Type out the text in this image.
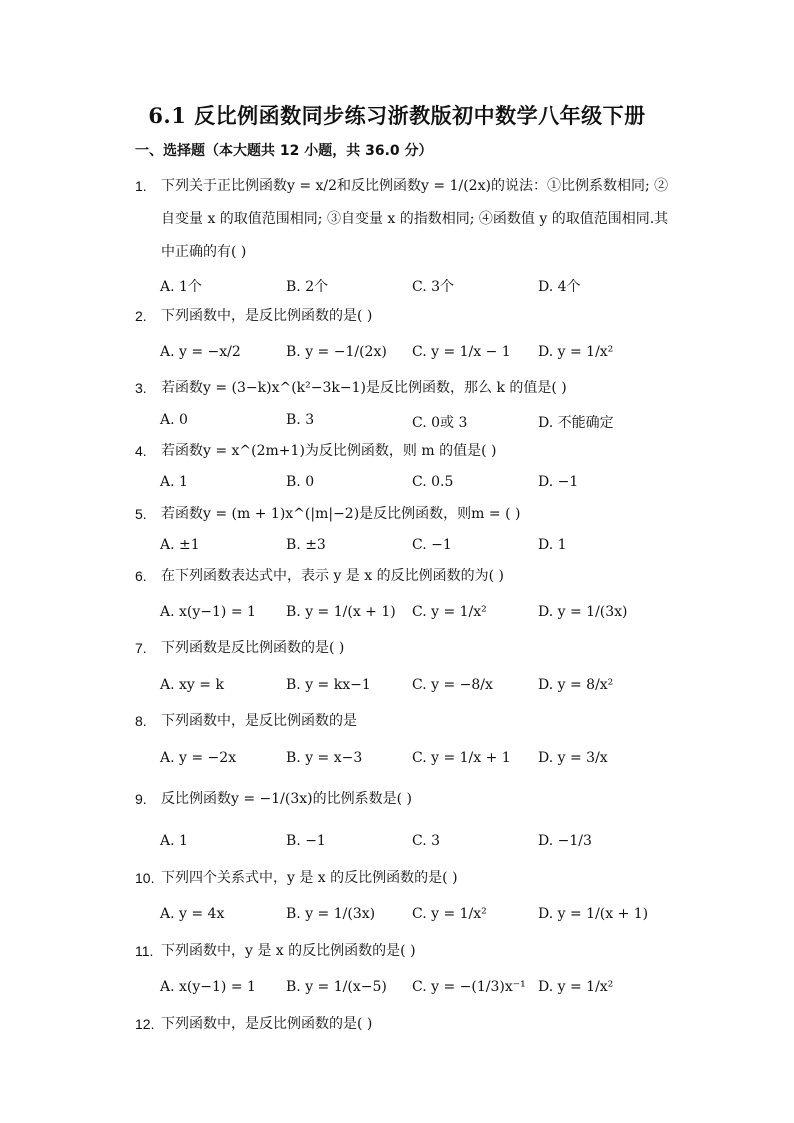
6.1 反比例函数同步练习浙教版初中数学八年级下册
一、选择题（本大题共 12 小题，共 36.0 分）
1.	下列关于正比例函数y = x/2和反比例函数y = 1/(2x)的说法：①比例系数相同; ②自变量 x 的取值范围相同; ③自变量 x 的指数相同; ④函数值 y 的取值范围相同.其中正确的有( )
A. 1个	B. 2个	C. 3个	D. 4个
2.	下列函数中，是反比例函数的是( )
A. y = −x/2	B. y = −1/(2x) C. y = 1/x − 1 D. y = 1/x²
3.	若函数y = (3−k)x^(k²−3k−1)是反比例函数，那么 k 的值是( )
A. 0	B. 3	C. 0或 3	D. 不能确定
4.	若函数y = x^(2m+1)为反比例函数，则 m 的值是( )
A. 1	B. 0	C. 0.5	D. −1
5.	若函数y = (m + 1)x^(|m|−2)是反比例函数，则m = ( )
A. ±1	B. ±3	C. −1	D. 1
6.	在下列函数表达式中，表示 y 是 x 的反比例函数的为( )
A. x(y−1) = 1 B. y = 1/(x + 1) C. y = 1/x²	D. y = 1/(3x)
7.	下列函数是反比例函数的是( )
A. xy = k	B. y = kx−1	C. y = −8/x	D. y = 8/x²
8.	下列函数中，是反比例函数的是
A. y = −2x	B. y = x−3	C. y = 1/x + 1 D. y = 3/x
9.	反比例函数y = −1/(3x)的比例系数是( )
A. 1	B. −1	C. 3	D. −1/3
10. 下列四个关系式中，y 是 x 的反比例函数的是( )
A. y = 4x	B. y = 1/(3x)	C. y = 1/x²	D. y = 1/(x + 1)
11. 下列函数中，y 是 x 的反比例函数的是( )
A. x(y−1) = 1 B. y = 1/(x−5) C. y = −(1/3)x⁻¹ D. y = 1/x²
12. 下列函数中，是反比例函数的是( )
